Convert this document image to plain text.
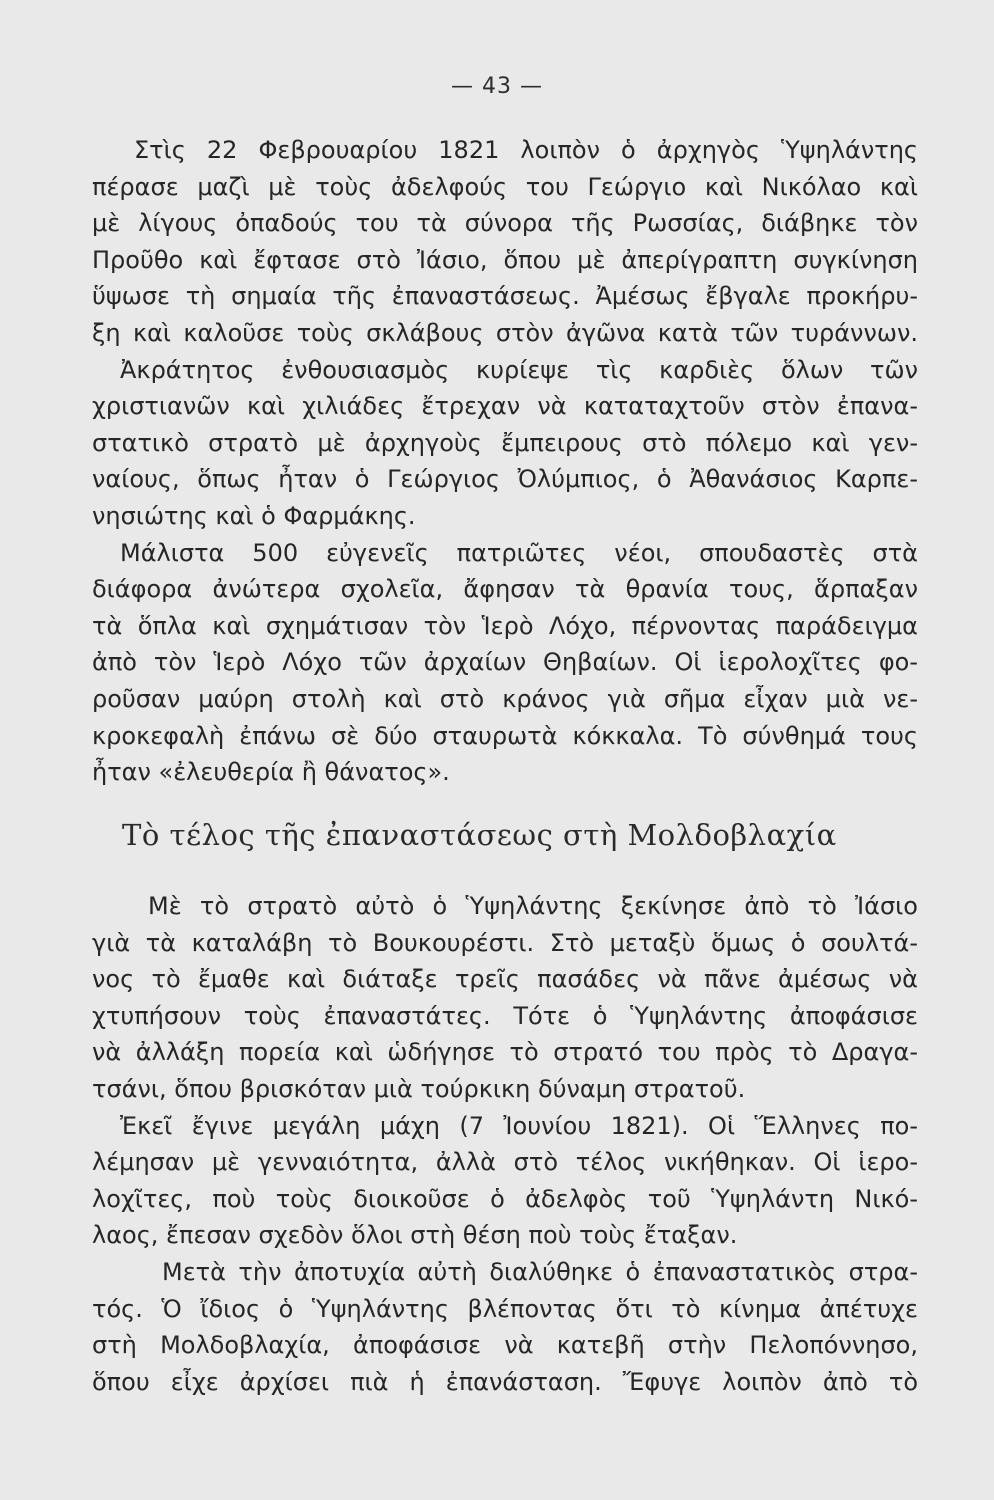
— 43 —
Στὶς 22 Φεβρουαρίου 1821 λοιπὸν ὁ ἀρχηγὸς Ὑψηλάντης
πέρασε μαζὶ μὲ τοὺς ἀδελφούς του Γεώργιο καὶ Νικόλαο καὶ
μὲ λίγους ὀπαδούς του τὰ σύνορα τῆς Ρωσσίας, διάβηκε τὸν
Προῦθο καὶ ἔφτασε στὸ Ἰάσιο, ὅπου μὲ ἀπερίγραπτη συγκίνηση
ὕψωσε τὴ σημαία τῆς ἐπαναστάσεως. Ἀμέσως ἔβγαλε προκήρυ-
ξη καὶ καλοῦσε τοὺς σκλάβους στὸν ἀγῶνα κατὰ τῶν τυράννων.
Ἀκράτητος ἐνθουσιασμὸς κυρίεψε τὶς καρδιὲς ὅλων τῶν
χριστιανῶν καὶ χιλιάδες ἔτρεχαν νὰ καταταχτοῦν στὸν ἐπανα-
στατικὸ στρατὸ μὲ ἀρχηγοὺς ἔμπειρους στὸ πόλεμο καὶ γεν-
ναίους, ὅπως ἦταν ὁ Γεώργιος Ὀλύμπιος, ὁ Ἀθανάσιος Καρπε-
νησιώτης καὶ ὁ Φαρμάκης.
Μάλιστα 500 εὐγενεῖς πατριῶτες νέοι, σπουδαστὲς στὰ
διάφορα ἀνώτερα σχολεῖα, ἄφησαν τὰ θρανία τους, ἅρπαξαν
τὰ ὅπλα καὶ σχημάτισαν τὸν Ἱερὸ Λόχο, πέρνοντας παράδειγμα
ἀπὸ τὸν Ἱερὸ Λόχο τῶν ἀρχαίων Θηβαίων. Οἱ ἱερολοχῖτες φο-
ροῦσαν μαύρη στολὴ καὶ στὸ κράνος γιὰ σῆμα εἶχαν μιὰ νε-
κροκεφαλὴ ἐπάνω σὲ δύο σταυρωτὰ κόκκαλα. Τὸ σύνθημά τους
ἦταν «ἐλευθερία ἢ θάνατος».
Τὸ τέλος τῆς ἐπαναστάσεως στὴ Μολδοβλαχία
Μὲ τὸ στρατὸ αὐτὸ ὁ Ὑψηλάντης ξεκίνησε ἀπὸ τὸ Ἰάσιο
γιὰ τὰ καταλάβη τὸ Βουκουρέστι. Στὸ μεταξὺ ὅμως ὁ σουλτά-
νος τὸ ἔμαθε καὶ διάταξε τρεῖς πασάδες νὰ πᾶνε ἀμέσως νὰ
χτυπήσουν τοὺς ἐπαναστάτες. Τότε ὁ Ὑψηλάντης ἀποφάσισε
νὰ ἀλλάξη πορεία καὶ ὡδήγησε τὸ στρατό του πρὸς τὸ Δραγα-
τσάνι, ὅπου βρισκόταν μιὰ τούρκικη δύναμη στρατοῦ.
Ἐκεῖ ἔγινε μεγάλη μάχη (7 Ἰουνίου 1821). Οἱ Ἕλληνες πο-
λέμησαν μὲ γενναιότητα, ἀλλὰ στὸ τέλος νικήθηκαν. Οἱ ἱερο-
λοχῖτες, ποὺ τοὺς διοικοῦσε ὁ ἀδελφὸς τοῦ Ὑψηλάντη Νικό-
λαος, ἔπεσαν σχεδὸν ὅλοι στὴ θέση ποὺ τοὺς ἔταξαν.
Μετὰ τὴν ἀποτυχία αὐτὴ διαλύθηκε ὁ ἐπαναστατικὸς στρα-
τός. Ὁ ἴδιος ὁ Ὑψηλάντης βλέποντας ὅτι τὸ κίνημα ἀπέτυχε
στὴ Μολδοβλαχία, ἀποφάσισε νὰ κατεβῆ στὴν Πελοπόννησο,
ὅπου εἶχε ἀρχίσει πιὰ ἡ ἐπανάσταση. Ἔφυγε λοιπὸν ἀπὸ τὸ
